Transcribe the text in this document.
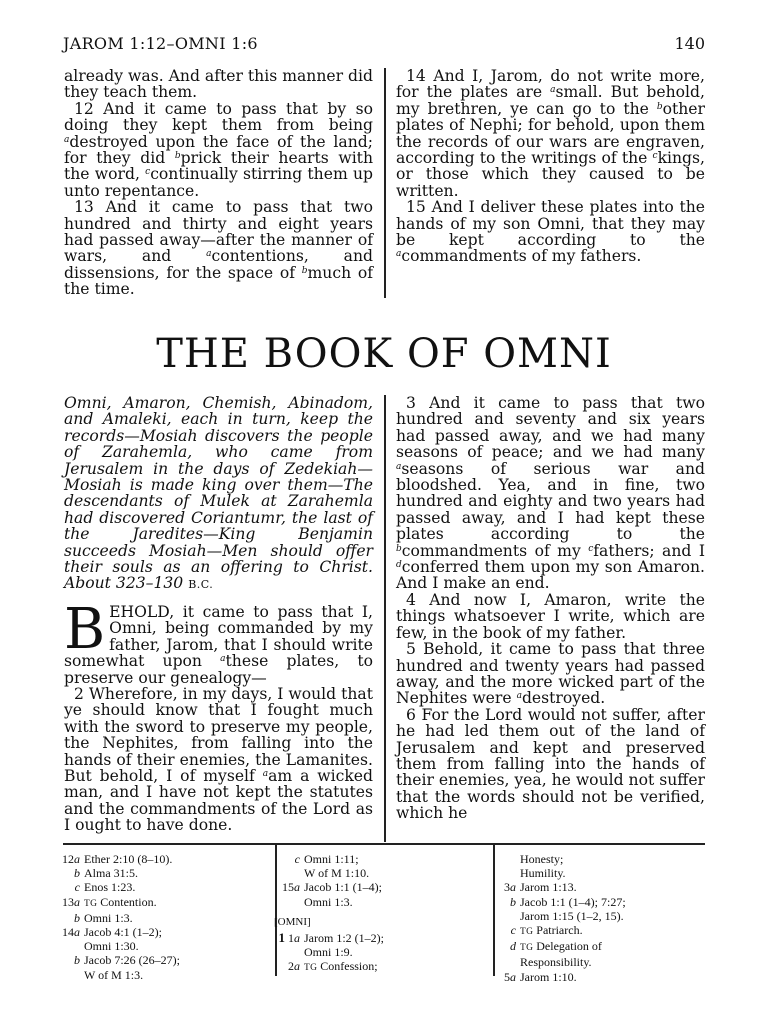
JAROM 1:12–OMNI 1:6	140

already was. And after this manner did they teach them.

12 And it came to pass that by so doing they kept them from being $^a$destroyed upon the face of the land; for they did $^b$prick their hearts with the word, $^c$continually stirring them up unto repentance.

13 And it came to pass that two hundred and thirty and eight years had passed away—after the manner of wars, and $^a$contentions, and dissensions, for the space of $^b$much of the time.

14 And I, Jarom, do not write more, for the plates are $^a$small. But behold, my brethren, ye can go to the $^b$other plates of Nephi; for behold, upon them the records of our wars are engraven, according to the writings of the $^c$kings, or those which they caused to be written.

15 And I deliver these plates into the hands of my son Omni, that they may be kept according to the $^a$commandments of my fathers.

THE BOOK OF OMNI

Omni, Amaron, Chemish, Abinadom, and Amaleki, each in turn, keep the records—Mosiah discovers the people of Zarahemla, who came from Jerusalem in the days of Zedekiah—Mosiah is made king over them—The descendants of Mulek at Zarahemla had discovered Coriantumr, the last of the Jaredites—King Benjamin succeeds Mosiah—Men should offer their souls as an offering to Christ. About 323–130 B.C.

BEHOLD, it came to pass that I, Omni, being commanded by my father, Jarom, that I should write somewhat upon $^a$these plates, to preserve our genealogy—

2 Wherefore, in my days, I would that ye should know that I fought much with the sword to preserve my people, the Nephites, from falling into the hands of their enemies, the Lamanites. But behold, I of myself $^a$am a wicked man, and I have not kept the statutes and the commandments of the Lord as I ought to have done.

3 And it came to pass that two hundred and seventy and six years had passed away, and we had many seasons of peace; and we had many $^a$seasons of serious war and bloodshed. Yea, and in fine, two hundred and eighty and two years had passed away, and I had kept these plates according to the $^b$commandments of my $^c$fathers; and I $^d$conferred them upon my son Amaron. And I make an end.

4 And now I, Amaron, write the things whatsoever I write, which are few, in the book of my father.

5 Behold, it came to pass that three hundred and twenty years had passed away, and the more wicked part of the Nephites were $^a$destroyed.

6 For the Lord would not suffer, after he had led them out of the land of Jerusalem and kept and preserved them from falling into the hands of their enemies, yea, he would not suffer that the words should not be verified, which he

12a Ether 2:10 (8–10).
b Alma 31:5.
c Enos 1:23.
13a TG Contention.
b Omni 1:3.
14a Jacob 4:1 (1–2);
Omni 1:30.
b Jacob 7:26 (26–27);
W of M 1:3.
c Omni 1:11;
W of M 1:10.
15a Jacob 1:1 (1–4);
Omni 1:3.
[OMNI]
1 1a Jarom 1:2 (1–2);
Omni 1:9.
2a TG Confession;
Honesty;
Humility.
3a Jarom 1:13.
b Jacob 1:1 (1–4); 7:27;
Jarom 1:15 (1–2, 15).
c TG Patriarch.
d TG Delegation of
Responsibility.
5a Jarom 1:10.
